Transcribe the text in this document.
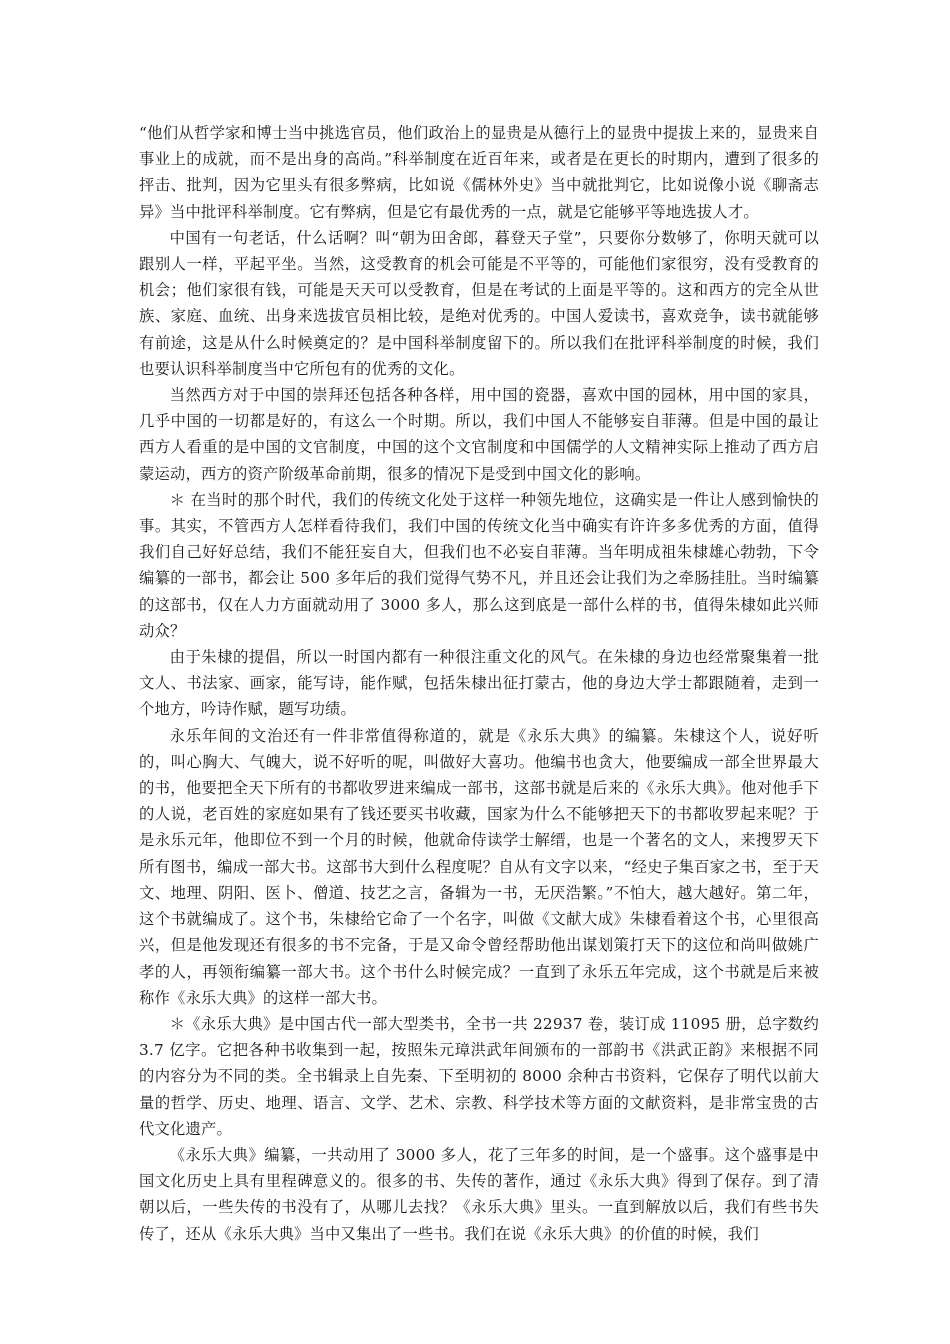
“他们从哲学家和博士当中挑选官员，他们政治上的显贵是从德行上的显贵中提拔上来的，显贵来自事业上的成就，而不是出身的高尚。”科举制度在近百年来，或者是在更长的时期内，遭到了很多的抨击、批判，因为它里头有很多弊病，比如说《儒林外史》当中就批判它，比如说像小说《聊斋志异》当中批评科举制度。它有弊病，但是它有最优秀的一点，就是它能够平等地选拔人才。

中国有一句老话，什么话啊？叫“朝为田舍郎，暮登天子堂”，只要你分数够了，你明天就可以跟别人一样，平起平坐。当然，这受教育的机会可能是不平等的，可能他们家很穷，没有受教育的机会；他们家很有钱，可能是天天可以受教育，但是在考试的上面是平等的。这和西方的完全从世族、家庭、血统、出身来选拔官员相比较，是绝对优秀的。中国人爱读书，喜欢竞争，读书就能够有前途，这是从什么时候奠定的？是中国科举制度留下的。所以我们在批评科举制度的时候，我们也要认识科举制度当中它所包有的优秀的文化。

当然西方对于中国的崇拜还包括各种各样，用中国的瓷器，喜欢中国的园林，用中国的家具，几乎中国的一切都是好的，有这么一个时期。所以，我们中国人不能够妄自菲薄。但是中国的最让西方人看重的是中国的文官制度，中国的这个文官制度和中国儒学的人文精神实际上推动了西方启蒙运动，西方的资产阶级革命前期，很多的情况下是受到中国文化的影响。

＊ 在当时的那个时代，我们的传统文化处于这样一种领先地位，这确实是一件让人感到愉快的事。其实，不管西方人怎样看待我们，我们中国的传统文化当中确实有许许多多优秀的方面，值得我们自己好好总结，我们不能狂妄自大，但我们也不必妄自菲薄。当年明成祖朱棣雄心勃勃，下令编纂的一部书，都会让 500 多年后的我们觉得气势不凡，并且还会让我们为之牵肠挂肚。当时编纂的这部书，仅在人力方面就动用了 3000 多人，那么这到底是一部什么样的书，值得朱棣如此兴师动众？

由于朱棣的提倡，所以一时国内都有一种很注重文化的风气。在朱棣的身边也经常聚集着一批文人、书法家、画家，能写诗，能作赋，包括朱棣出征打蒙古，他的身边大学士都跟随着，走到一个地方，吟诗作赋，题写功绩。

永乐年间的文治还有一件非常值得称道的，就是《永乐大典》的编纂。朱棣这个人，说好听的，叫心胸大、气魄大，说不好听的呢，叫做好大喜功。他编书也贪大，他要编成一部全世界最大的书，他要把全天下所有的书都收罗进来编成一部书，这部书就是后来的《永乐大典》。他对他手下的人说，老百姓的家庭如果有了钱还要买书收藏，国家为什么不能够把天下的书都收罗起来呢？于是永乐元年，他即位不到一个月的时候，他就命侍读学士解缙，也是一个著名的文人，来搜罗天下所有图书，编成一部大书。这部书大到什么程度呢？自从有文字以来，“经史子集百家之书，至于天文、地理、阴阳、医卜、僧道、技艺之言，备辑为一书，无厌浩繁。”不怕大，越大越好。第二年，这个书就编成了。这个书，朱棣给它命了一个名字，叫做《文献大成》朱棣看着这个书，心里很高兴，但是他发现还有很多的书不完备，于是又命令曾经帮助他出谋划策打天下的这位和尚叫做姚广孝的人，再领衔编纂一部大书。这个书什么时候完成？一直到了永乐五年完成，这个书就是后来被称作《永乐大典》的这样一部大书。

＊《永乐大典》是中国古代一部大型类书，全书一共 22937 卷，装订成 11095 册，总字数约 3.7 亿字。它把各种书收集到一起，按照朱元璋洪武年间颁布的一部韵书《洪武正韵》来根据不同的内容分为不同的类。全书辑录上自先秦、下至明初的 8000 余种古书资料，它保存了明代以前大量的哲学、历史、地理、语言、文学、艺术、宗教、科学技术等方面的文献资料，是非常宝贵的古代文化遗产。

《永乐大典》编纂，一共动用了 3000 多人，花了三年多的时间，是一个盛事。这个盛事是中国文化历史上具有里程碑意义的。很多的书、失传的著作，通过《永乐大典》得到了保存。到了清朝以后，一些失传的书没有了，从哪儿去找？《永乐大典》里头。一直到解放以后，我们有些书失传了，还从《永乐大典》当中又集出了一些书。我们在说《永乐大典》的价值的时候，我们
